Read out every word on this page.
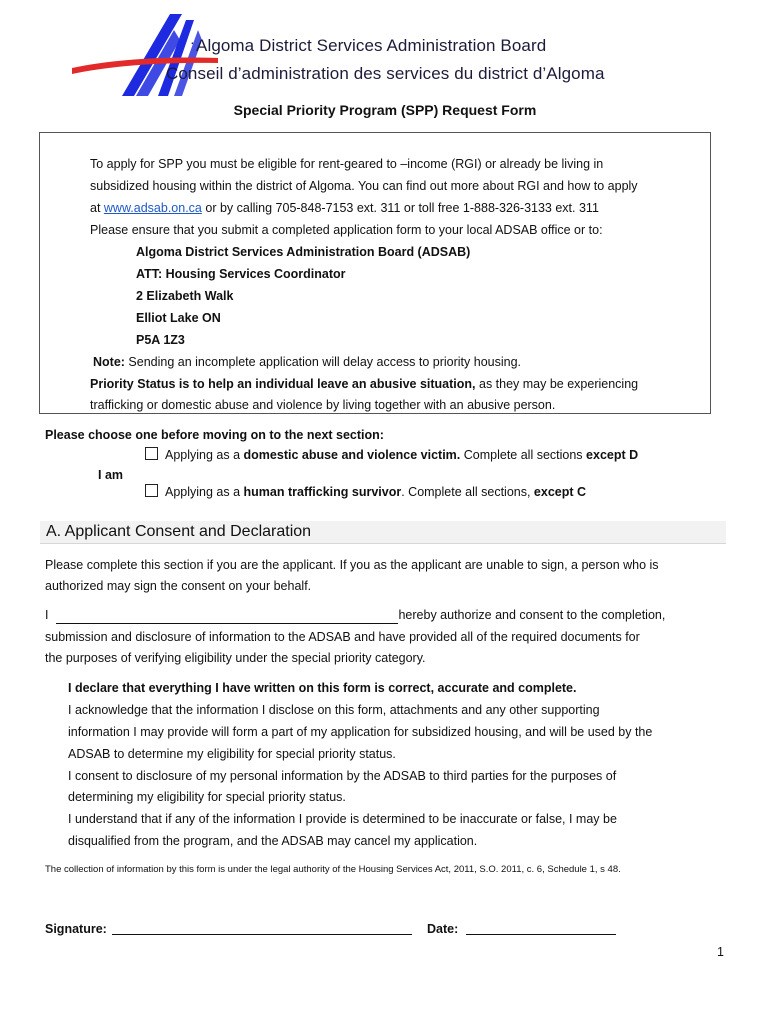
· Algoma District Services Administration Board
Conseil d’administration des services du district d’Algoma
Special Priority Program (SPP) Request Form
To apply for SPP you must be eligible for rent-geared to –income (RGI) or already be living in
subsidized housing within the district of Algoma. You can find out more about RGI and how to apply
at www.adsab.on.ca or by calling 705-848-7153 ext. 311 or toll free 1-888-326-3133 ext. 311
Please ensure that you submit a completed application form to your local ADSAB office or to:
Algoma District Services Administration Board (ADSAB)
ATT: Housing Services Coordinator
2 Elizabeth Walk
Elliot Lake ON
P5A 1Z3
Note: Sending an incomplete application will delay access to priority housing.
Priority Status is to help an individual leave an abusive situation, as they may be experiencing
trafficking or domestic abuse and violence by living together with an abusive person.
Please choose one before moving on to the next section:
I am
Applying as a domestic abuse and violence victim. Complete all sections except D
Applying as a human trafficking survivor. Complete all sections, except C
A. Applicant Consent and Declaration
Please complete this section if you are the applicant. If you as the applicant are unable to sign, a person who is
authorized may sign the consent on your behalf.
I	hereby authorize and consent to the completion,
submission and disclosure of information to the ADSAB and have provided all of the required documents for
the purposes of verifying eligibility under the special priority category.
I declare that everything I have written on this form is correct, accurate and complete.
I acknowledge that the information I disclose on this form, attachments and any other supporting
information I may provide will form a part of my application for subsidized housing, and will be used by the
ADSAB to determine my eligibility for special priority status.
I consent to disclosure of my personal information by the ADSAB to third parties for the purposes of
determining my eligibility for special priority status.
I understand that if any of the information I provide is determined to be inaccurate or false, I may be
disqualified from the program, and the ADSAB may cancel my application.
The collection of information by this form is under the legal authority of the Housing Services Act, 2011, S.O. 2011, c. 6, Schedule 1, s 48.
Signature:	Date:
1
